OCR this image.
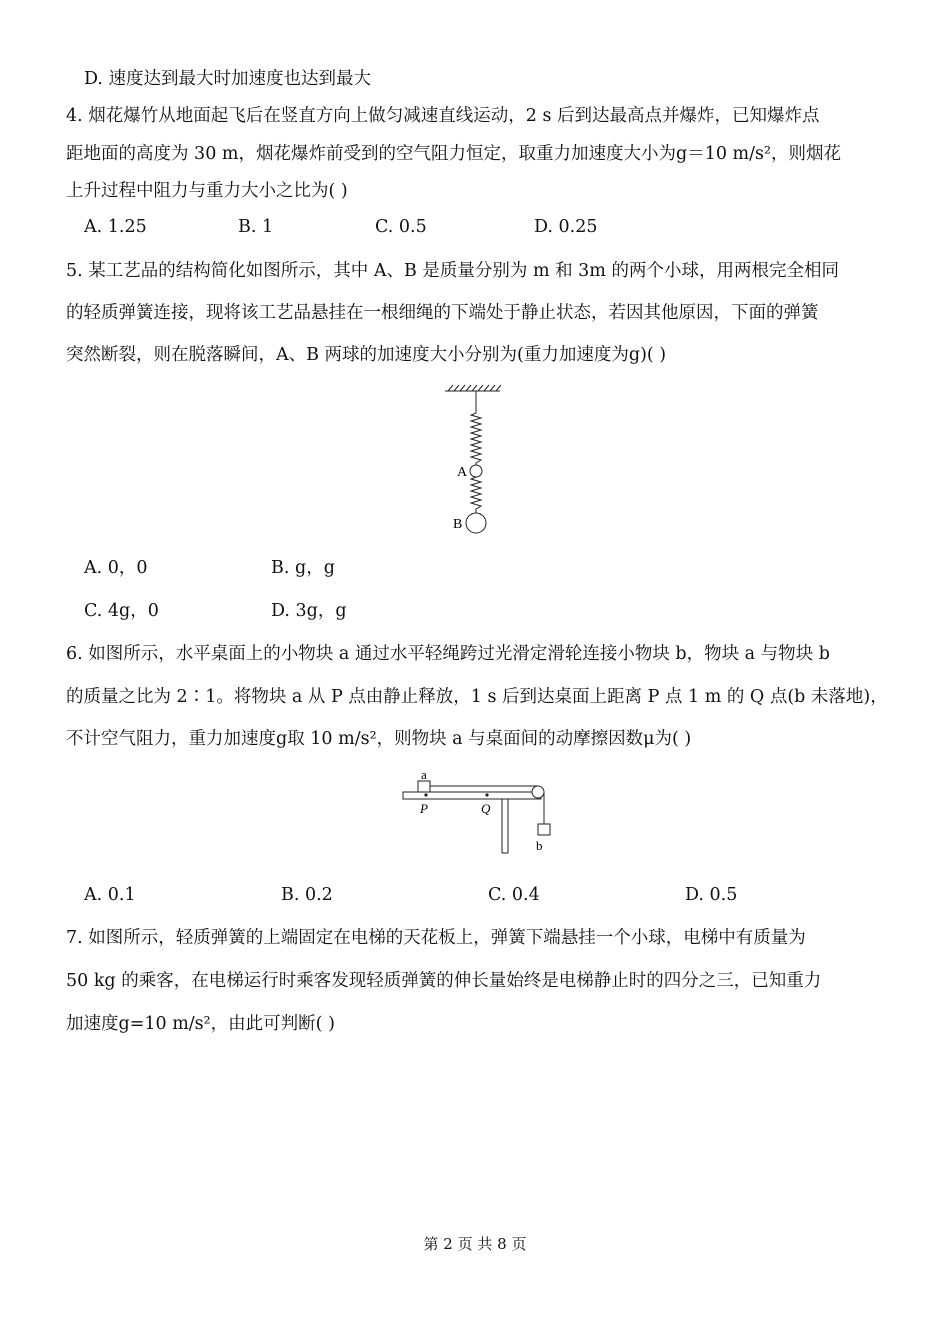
D. 速度达到最大时加速度也达到最大
4. 烟花爆竹从地面起飞后在竖直方向上做匀减速直线运动，2 s 后到达最高点并爆炸，已知爆炸点
距地面的高度为 30 m，烟花爆炸前受到的空气阻力恒定，取重力加速度大小为g＝10 m/s²，则烟花
上升过程中阻力与重力大小之比为( )
A. 1.25	B. 1	C. 0.5	D. 0.25
5. 某工艺品的结构简化如图所示，其中 A、B 是质量分别为 m 和 3m 的两个小球，用两根完全相同
的轻质弹簧连接，现将该工艺品悬挂在一根细绳的下端处于静止状态，若因其他原因，下面的弹簧
突然断裂，则在脱落瞬间，A、B 两球的加速度大小分别为(重力加速度为g)( )
A
B
A. 0，0	B. g，g
C. 4g，0	D. 3g，g
6. 如图所示，水平桌面上的小物块 a 通过水平轻绳跨过光滑定滑轮连接小物块 b，物块 a 与物块 b
的质量之比为 2∶1。将物块 a 从 P 点由静止释放，1 s 后到达桌面上距离 P 点 1 m 的 Q 点(b 未落地)，
不计空气阻力，重力加速度g取 10 m/s²，则物块 a 与桌面间的动摩擦因数μ为( )
a
P	Q
b
A. 0.1	B. 0.2	C. 0.4	D. 0.5
7. 如图所示，轻质弹簧的上端固定在电梯的天花板上，弹簧下端悬挂一个小球，电梯中有质量为
50 kg 的乘客，在电梯运行时乘客发现轻质弹簧的伸长量始终是电梯静止时的四分之三，已知重力
加速度g=10 m/s²，由此可判断( )
第 2 页 共 8 页
